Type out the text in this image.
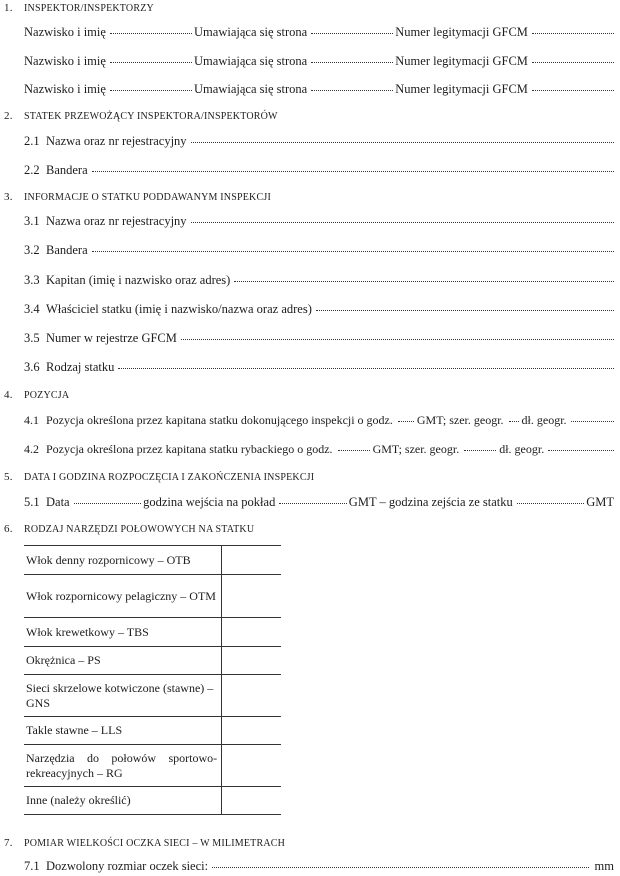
1.	INSPEKTOR/INSPEKTORZY
Nazwisko i imię	Umawiająca się strona	Numer legitymacji GFCM
Nazwisko i imię	Umawiająca się strona	Numer legitymacji GFCM
Nazwisko i imię	Umawiająca się strona	Numer legitymacji GFCM
2.	STATEK PRZEWOŻĄCY INSPEKTORA/INSPEKTORÓW
2.1 Nazwa oraz nr rejestracyjny
2.2 Bandera
3.	INFORMACJE O STATKU PODDAWANYM INSPEKCJI
3.1 Nazwa oraz nr rejestracyjny
3.2 Bandera
3.3 Kapitan (imię i nazwisko oraz adres)
3.4 Właściciel statku (imię i nazwisko/nazwa oraz adres)
3.5 Numer w rejestrze GFCM
3.6 Rodzaj statku
4.	POZYCJA
4.1 Pozycja określona przez kapitana statku dokonującego inspekcji o godz. GMT; szer. geogr. dł. geogr.
4.2 Pozycja określona przez kapitana statku rybackiego o godz.	GMT; szer. geogr.	dł. geogr.
5.	DATA I GODZINA ROZPOCZĘCIA I ZAKOŃCZENIA INSPEKCJI
5.1 Data	godzina wejścia na pokład	GMT – godzina zejścia ze statku	GMT
6.	RODZAJ NARZĘDZI POŁOWOWYCH NA STATKU
Włok denny rozpornicowy – OTB	
Włok rozpornicowy pelagiczny – OTM	
Włok krewetkowy – TBS	
Okrężnica – PS	
Sieci skrzelowe kotwiczone (stawne) – GNS	
Takle stawne – LLS	
Narzędzia do połowów sportowo-rekreacyjnych – RG	
Inne (należy określić)	
7.	POMIAR WIELKOŚCI OCZKA SIECI – W MILIMETRACH
7.1 Dozwolony rozmiar oczek sieci:	mm
